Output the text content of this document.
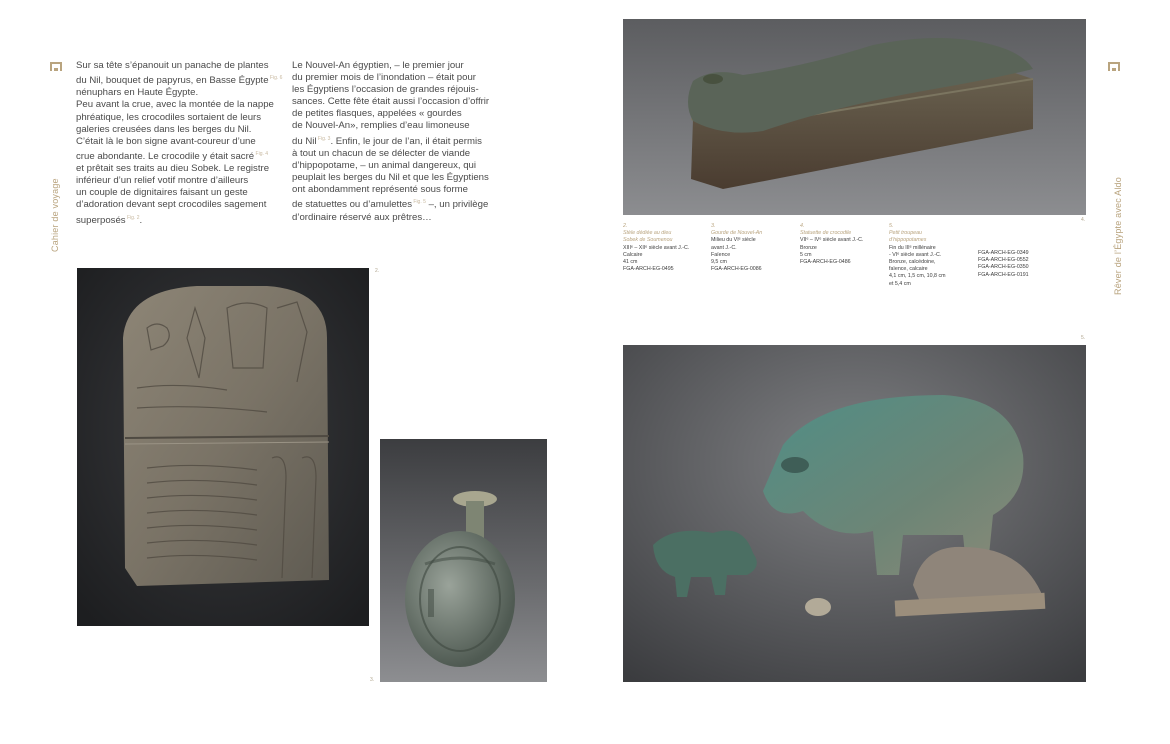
Cahier de voyage

Sur sa tête s’épanouit un panache de plantes

du Nil, bouquet de papyrus, en Basse Égypte $^{Fig. 6}$

nénuphars en Haute Égypte.

Peu avant la crue, avec la montée de la nappe

phréatique, les crocodiles sortaient de leurs

galeries creusées dans les berges du Nil.

C’était là le bon signe avant-coureur d’une

crue abondante. Le crocodile y était sacré $^{Fig. 4}$

et prêtait ses traits au dieu Sobek. Le registre

inférieur d’un relief votif montre d’ailleurs

un couple de dignitaires faisant un geste

d’adoration devant sept crocodiles sagement

superposés $^{Fig. 2}$.

Le Nouvel-An égyptien, – le premier jour

du premier mois de l’inondation – était pour

les Égyptiens l’occasion de grandes réjouis-

sances. Cette fête était aussi l’occasion d’offrir

de petites flasques, appelées « gourdes

de Nouvel-An», remplies d’eau limoneuse

du Nil $^{Fig. 3}$. Enfin, le jour de l’an, il était permis

à tout un chacun de se délecter de viande

d’hippopotame, – un animal dangereux, qui

peuplait les berges du Nil et que les Égyptiens

ont abondamment représenté sous forme

de statuettes ou d’amulettes $^{Fig. 5}$ –, un privilège

d’ordinaire réservé aux prêtres…

2.
3.
4.
2.
Stèle dédiée au dieu
Sobek de Soumenou
XIIIᵉ – XIIᵉ siècle avant J.-C.
Calcaire
41 cm
FGA-ARCH-EG-0495
3.
Gourde de Nouvel-An
Milieu du VIᵉ siècle
avant J.-C.
Faïence
9,5 cm
FGA-ARCH-EG-0086
4.
Statuette de crocodile
VIIᵉ – IVᵉ siècle avant J.-C.
Bronze
5 cm
FGA-ARCH-EG-0486
5.
Petit troupeau
d’hippopotames
Fin du IIIᵉ millénaire
- VIᵉ siècle avant J.-C.
Bronze, calcédoine,
faïence, calcaire
4,1 cm, 1,5 cm, 10,8 cm
et 5,4 cm
FGA-ARCH-EG-0349
FGA-ARCH-EG-0552
FGA-ARCH-EG-0350
FGA-ARCH-EG-0191
5.
Rêver de l’Égypte avec Aldo
